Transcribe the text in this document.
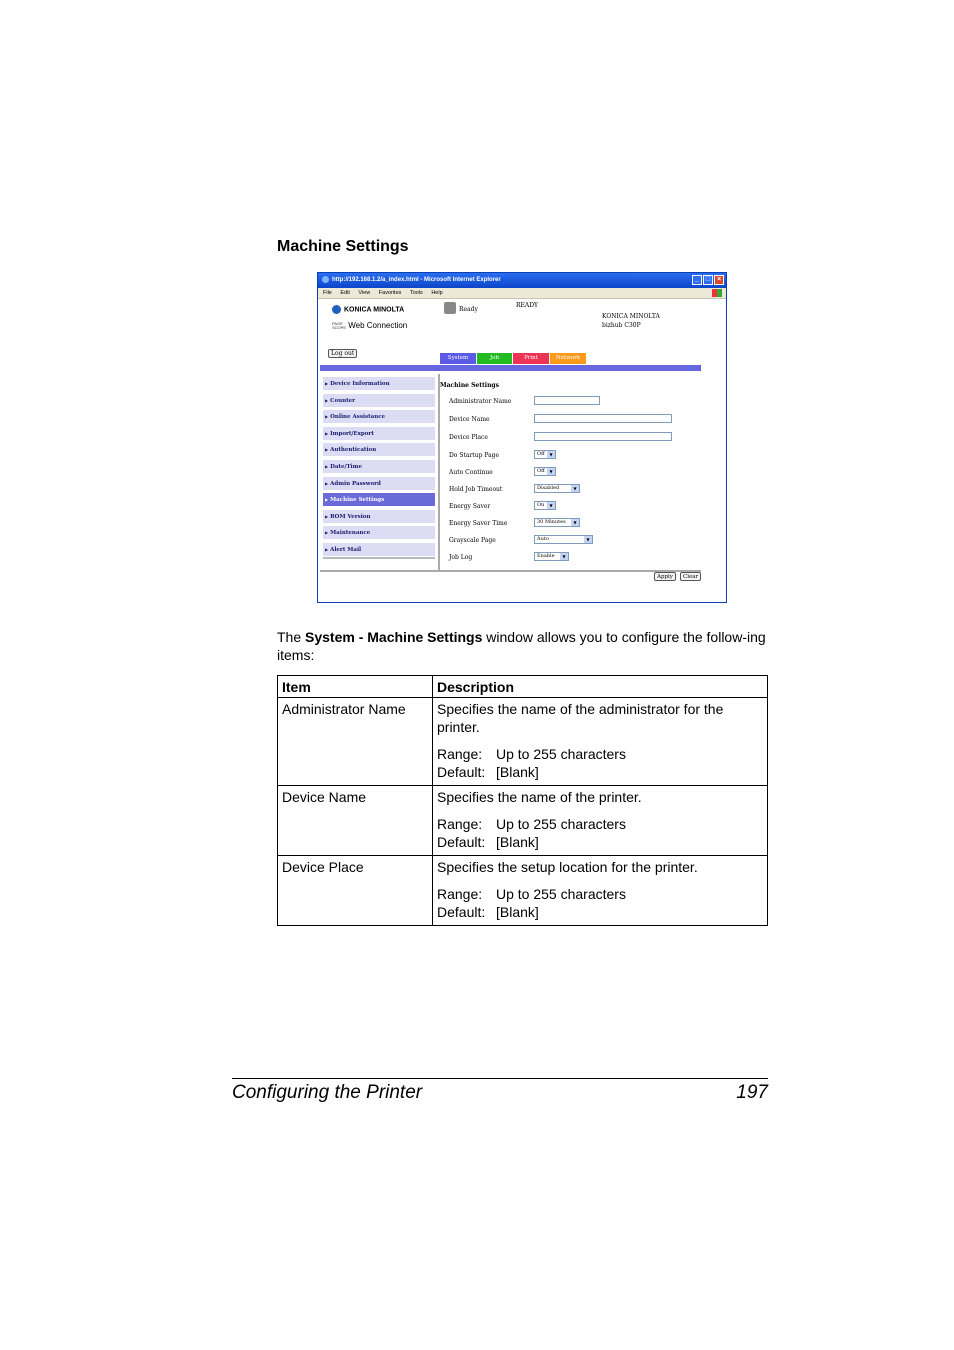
Machine Settings
http://192.168.1.2/a_index.html - Microsoft Internet Explorer	_ □ ×
File Edit View Favorites Tools Help
KONICA MINOLTA
PAGE SCOPE Web Connection
Ready
READY
KONICA MINOLTA
bizhub C30P
Log out
System	Job	Print	Network
▶ Device Information
▶ Counter
▶ Online Assistance
▶ Import/Export
▶ Authentication
▶ Date/Time
▶ Admin Password
▶ Machine Settings
▶ ROM Version
▶ Maintenance
▶ Alert Mail
Machine Settings
Administrator Name
Device Name
Device Place
Do Startup Page	Off	▼
Auto Continue	Off	▼
Hold Job Timeout	Disabled	▼
Energy Saver	On	▼
Energy Saver Time	30 Minutes	▼
Grayscale Page	Auto	▼
Job Log	Enable	▼
Apply	Clear
The System - Machine Settings window allows you to configure the follow-ing items:
Item	Description
Administrator Name	Specifies the name of the administrator for the printer.
Range: Up to 255 characters
Default: [Blank]

Device Name	Specifies the name of the printer.
Range: Up to 255 characters
Default: [Blank]

Device Place	Specifies the setup location for the printer.
Range: Up to 255 characters
Default: [Blank]
Configuring the Printer	197
